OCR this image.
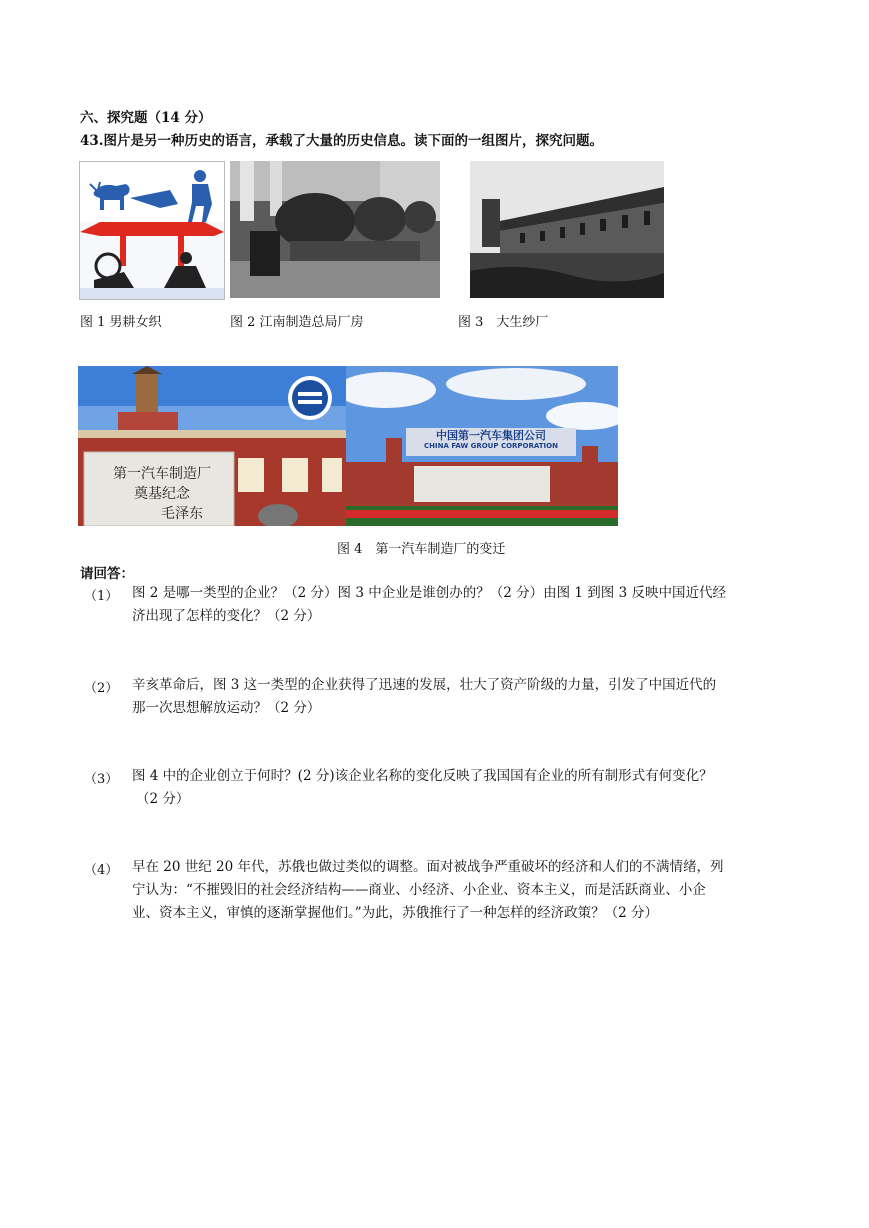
六、探究题（14 分）
43.图片是另一种历史的语言，承载了大量的历史信息。读下面的一组图片，探究问题。
图 1 男耕女织	图 2 江南制造总局厂房	图 3　大生纱厂
第一汽车制造厂
奠基纪念
毛泽东
中国第一汽车集团公司
CHINA FAW GROUP CORPORATION
图 4　第一汽车制造厂的变迁
请回答：
（1） 图 2 是哪一类型的企业？（2 分）图 3 中企业是谁创办的？（2 分）由图 1 到图 3 反映中国近代经
济出现了怎样的变化？（2 分）
（2） 辛亥革命后，图 3 这一类型的企业获得了迅速的发展，壮大了资产阶级的力量，引发了中国近代的
那一次思想解放运动？（2 分）
（3） 图 4 中的企业创立于何时？(2 分)该企业名称的变化反映了我国国有企业的所有制形式有何变化？
（2 分）
（4） 早在 20 世纪 20 年代，苏俄也做过类似的调整。面对被战争严重破坏的经济和人们的不满情绪，列
宁认为：“不摧毁旧的社会经济结构——商业、小经济、小企业、资本主义，而是活跃商业、小企
业、资本主义，审慎的逐渐掌握他们。”为此，苏俄推行了一种怎样的经济政策？（2 分）
